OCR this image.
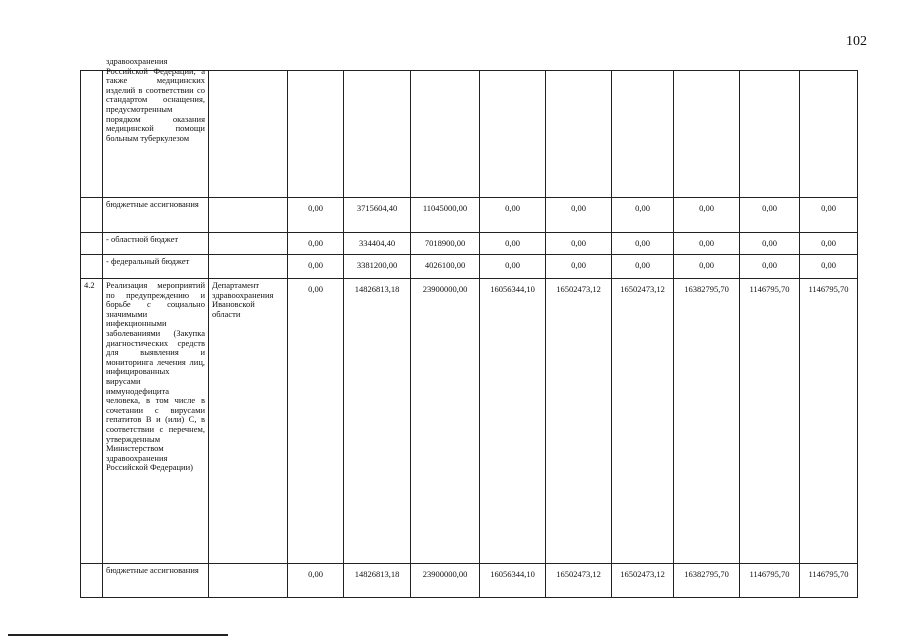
102

	здравоохранения Российской Федерации, а также медицинских изделий в соответствии со стандартом оснащения, предусмотренным порядком оказания медицинской помощи больным туберкулезом										

	бюджетные ассигнования		0,00	3715604,40	11045000,00	0,00	0,00	0,00	0,00	0,00	0,00
	- областной бюджет		0,00	334404,40	7018900,00	0,00	0,00	0,00	0,00	0,00	0,00
	- федеральный бюджет		0,00	3381200,00	4026100,00	0,00	0,00	0,00	0,00	0,00	0,00
4.2	Реализация мероприятий по предупреждению и борьбе с социально значимыми инфекционными заболеваниями (Закупка диагностических средств для выявления и мониторинга лечения лиц, инфицированных вирусами иммунодефицита человека, в том числе в сочетании с вирусами гепатитов В и (или) С, в соответствии с перечнем, утвержденным Министерством здравоохранения Российской Федерации)	Департамент здравоохранения Ивановской области	0,00	14826813,18	23900000,00	16056344,10	16502473,12	16502473,12	16382795,70	1146795,70	1146795,70
	бюджетные ассигнования		0,00	14826813,18	23900000,00	16056344,10	16502473,12	16502473,12	16382795,70	1146795,70	1146795,70
